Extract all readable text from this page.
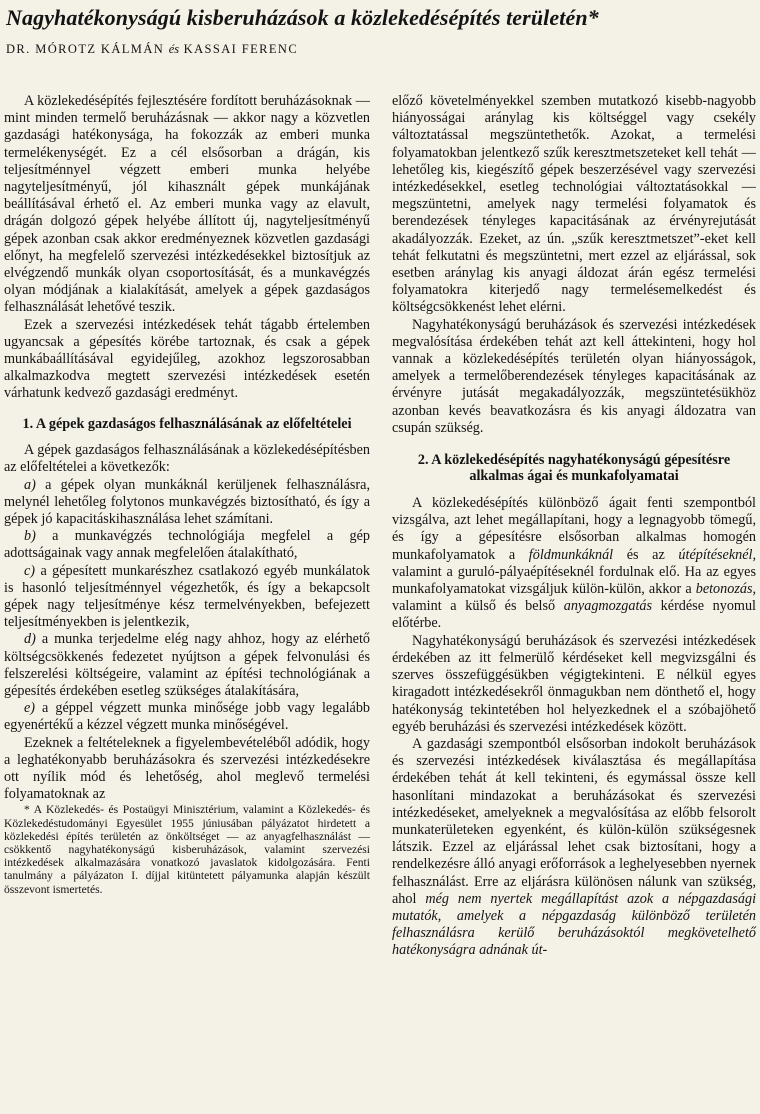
Nagyhatékonyságú kisberuházások a közlekedésépítés területén*
DR. MÓROTZ KÁLMÁN és KASSAI FERENC

A közlekedésépítés fejlesztésére fordított beruházásoknak — mint minden termelő beruházásnak — akkor nagy a közvetlen gazdasági hatékonysága, ha fokozzák az emberi munka termelékenységét. Ez a cél elsősorban a drágán, kis teljesítménnyel végzett emberi munka helyébe nagyteljesítményű, jól kihasznált gépek munkájának beállításával érhető el. Az emberi munka vagy az elavult, drágán dolgozó gépek helyébe állított új, nagyteljesítményű gépek azonban csak akkor eredményeznek közvetlen gazdasági előnyt, ha megfelelő szervezési intézkedésekkel biztosítjuk az elvégzendő munkák olyan csoportosítását, és a munkavégzés olyan módjának a kialakítását, amelyek a gépek gazdaságos felhasználását lehetővé teszik.

Ezek a szervezési intézkedések tehát tágabb értelemben ugyancsak a gépesítés körébe tartoznak, és csak a gépek munkábaállításával egyidejűleg, azokhoz legszorosabban alkalmazkodva megtett szervezési intézkedések esetén várhatunk kedvező gazdasági eredményt.

1. A gépek gazdaságos felhasználásának az előfeltételei

A gépek gazdaságos felhasználásának a közlekedésépítésben az előfeltételei a következők:

a) a gépek olyan munkáknál kerüljenek felhasználásra, melynél lehetőleg folytonos munkavégzés biztosítható, és így a gépek jó kapacitáskihasználása lehet számítani.

b) a munkavégzés technológiája megfelel a gép adottságainak vagy annak megfelelően átalakítható,

c) a gépesített munkarészhez csatlakozó egyéb munkálatok is hasonló teljesítménnyel végezhetők, és így a bekapcsolt gépek nagy teljesítménye kész termelvényekben, befejezett teljesítményekben is jelentkezik,

d) a munka terjedelme elég nagy ahhoz, hogy az elérhető költségcsökkenés fedezetet nyújtson a gépek felvonulási és felszerelési költségeire, valamint az építési technológiának a gépesítés érdekében esetleg szükséges átalakítására,

e) a géppel végzett munka minősége jobb vagy legalább egyenértékű a kézzel végzett munka minőségével.

Ezeknek a feltételeknek a figyelembevételéből adódik, hogy a leghatékonyabb beruházásokra és szervezési intézkedésekre ott nyílik mód és lehetőség, ahol meglevő termelési folyamatoknak az

* A Közlekedés- és Postaügyi Minisztérium, valamint a Közlekedés- és Közlekedéstudományi Egyesület 1955 júniusában pályázatot hirdetett a közlekedési építés területén az önköltséget — az anyagfelhasználást — csökkentő nagyhatékonyságú kisberuházások, valamint szervezési intézkedések alkalmazására vonatkozó javaslatok kidolgozására. Fenti tanulmány a pályázaton I. díjjal kitüntetett pályamunka alapján készült összevont ismertetés.

előző követelményekkel szemben mutatkozó kisebb-nagyobb hiányosságai aránylag kis költséggel vagy csekély változtatással megszüntethetők. Azokat, a termelési folyamatokban jelentkező szűk keresztmetszeteket kell tehát — lehetőleg kis, kiegészítő gépek beszerzésével vagy szervezési intézkedésekkel, esetleg technológiai változtatásokkal — megszüntetni, amelyek nagy termelési folyamatok és berendezések tényleges kapacitásának az érvényrejutását akadályozzák. Ezeket, az ún. „szűk keresztmetszet”-eket kell tehát felkutatni és megszüntetni, mert ezzel az eljárással, sok esetben aránylag kis anyagi áldozat árán egész termelési folyamatokra kiterjedő nagy termelésemelkedést és költségcsökkenést lehet elérni.

Nagyhatékonyságú beruházások és szervezési intézkedések megvalósítása érdekében tehát azt kell áttekinteni, hogy hol vannak a közlekedésépítés területén olyan hiányosságok, amelyek a termelőberendezések tényleges kapacitásának az érvényre jutását megakadályozzák, megszüntetésükhöz azonban kevés beavatkozásra és kis anyagi áldozatra van csupán szükség.

2. A közlekedésépítés nagyhatékonyságú gépesítésre alkalmas ágai és munkafolyamatai

A közlekedésépítés különböző ágait fenti szempontból vizsgálva, azt lehet megállapítani, hogy a legnagyobb tömegű, és így a gépesítésre elsősorban alkalmas homogén munkafolyamatok a földmunkáknál és az útépítéseknél, valamint a guruló-pályaépítéseknél fordulnak elő. Ha az egyes munkafolyamatokat vizsgáljuk külön-külön, akkor a betonozás, valamint a külső és belső anyagmozgatás kérdése nyomul előtérbe.

Nagyhatékonyságú beruházások és szervezési intézkedések érdekében az itt felmerülő kérdéseket kell megvizsgálni és szerves összefüggésükben végigtekinteni. E nélkül egyes kiragadott intézkedésekről önmagukban nem dönthető el, hogy hatékonyság tekintetében hol helyezkednek el a szóbajöhető egyéb beruházási és szervezési intézkedések között.

A gazdasági szempontból elsősorban indokolt beruházások és szervezési intézkedések kiválasztása és megállapítása érdekében tehát át kell tekinteni, és egymással össze kell hasonlítani mindazokat a beruházásokat és szervezési intézkedéseket, amelyeknek a megvalósítása az előbb felsorolt munkaterületeken egyenként, és külön-külön szükségesnek látszik. Ezzel az eljárással lehet csak biztosítani, hogy a rendelkezésre álló anyagi erőforrások a leghelyesebben nyernek felhasználást. Erre az eljárásra különösen nálunk van szükség, ahol még nem nyertek megállapítást azok a népgazdasági mutatók, amelyek a népgazdaság különböző területén felhasználásra kerülő beruházásoktól megkövetelhető hatékonyságra adnának út-
